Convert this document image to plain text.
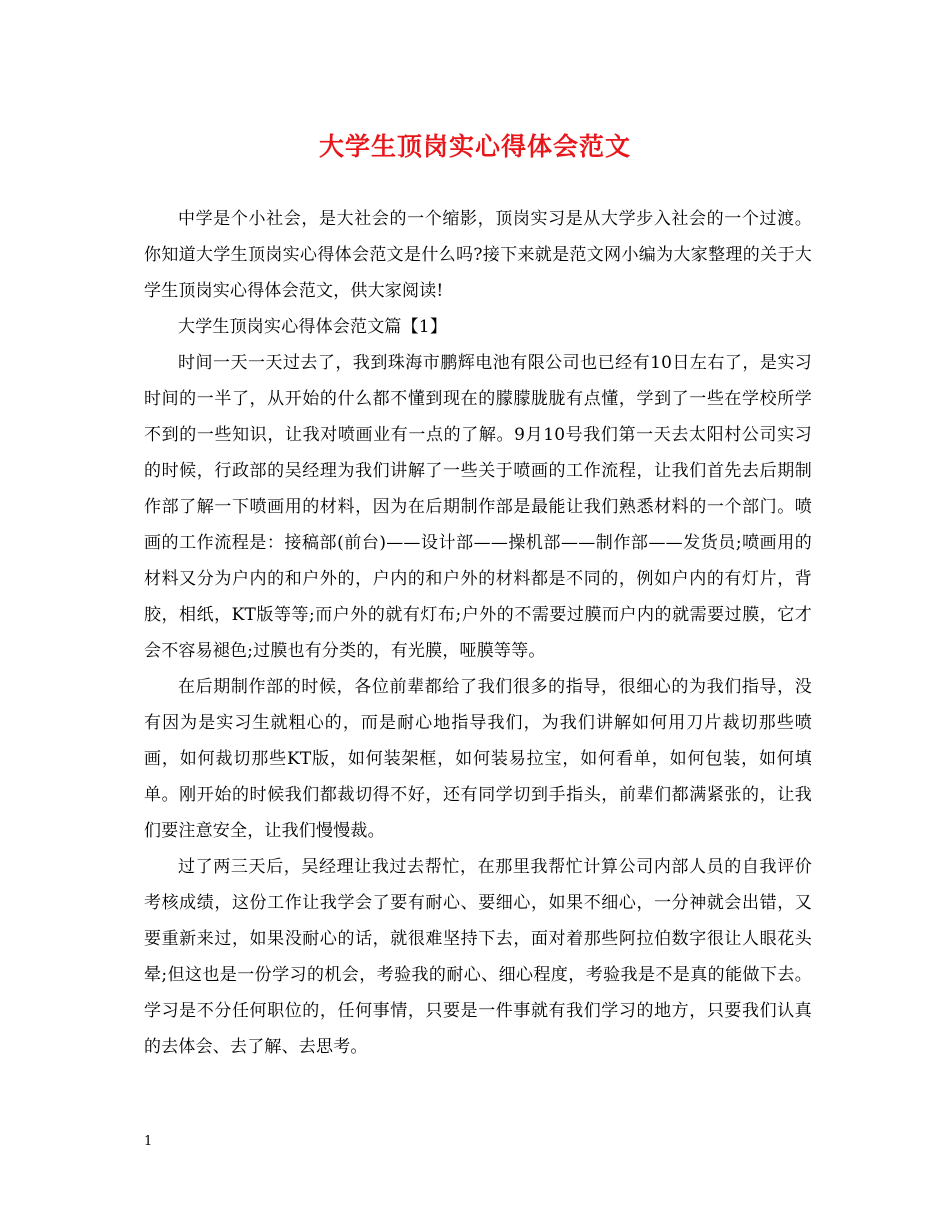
大学生顶岗实心得体会范文

中学是个小社会，是大社会的一个缩影，顶岗实习是从大学步入社会的一个过渡。你知道大学生顶岗实心得体会范文是什么吗?接下来就是范文网小编为大家整理的关于大学生顶岗实心得体会范文，供大家阅读!

大学生顶岗实心得体会范文篇【1】

时间一天一天过去了，我到珠海市鹏辉电池有限公司也已经有10日左右了，是实习时间的一半了，从开始的什么都不懂到现在的朦朦胧胧有点懂，学到了一些在学校所学不到的一些知识，让我对喷画业有一点的了解。9月10号我们第一天去太阳村公司实习的时候，行政部的吴经理为我们讲解了一些关于喷画的工作流程，让我们首先去后期制作部了解一下喷画用的材料，因为在后期制作部是最能让我们熟悉材料的一个部门。喷画的工作流程是：接稿部(前台)——设计部——操机部——制作部——发货员;喷画用的材料又分为户内的和户外的，户内的和户外的材料都是不同的，例如户内的有灯片，背胶，相纸，KT版等等;而户外的就有灯布;户外的不需要过膜而户内的就需要过膜，它才会不容易褪色;过膜也有分类的，有光膜，哑膜等等。

在后期制作部的时候，各位前辈都给了我们很多的指导，很细心的为我们指导，没有因为是实习生就粗心的，而是耐心地指导我们，为我们讲解如何用刀片裁切那些喷画，如何裁切那些KT版，如何装架框，如何装易拉宝，如何看单，如何包装，如何填单。刚开始的时候我们都裁切得不好，还有同学切到手指头，前辈们都满紧张的，让我们要注意安全，让我们慢慢裁。

过了两三天后，吴经理让我过去帮忙，在那里我帮忙计算公司内部人员的自我评价考核成绩，这份工作让我学会了要有耐心、要细心，如果不细心，一分神就会出错，又要重新来过，如果没耐心的话，就很难坚持下去，面对着那些阿拉伯数字很让人眼花头晕;但这也是一份学习的机会，考验我的耐心、细心程度，考验我是不是真的能做下去。学习是不分任何职位的，任何事情，只要是一件事就有我们学习的地方，只要我们认真的去体会、去了解、去思考。

1
